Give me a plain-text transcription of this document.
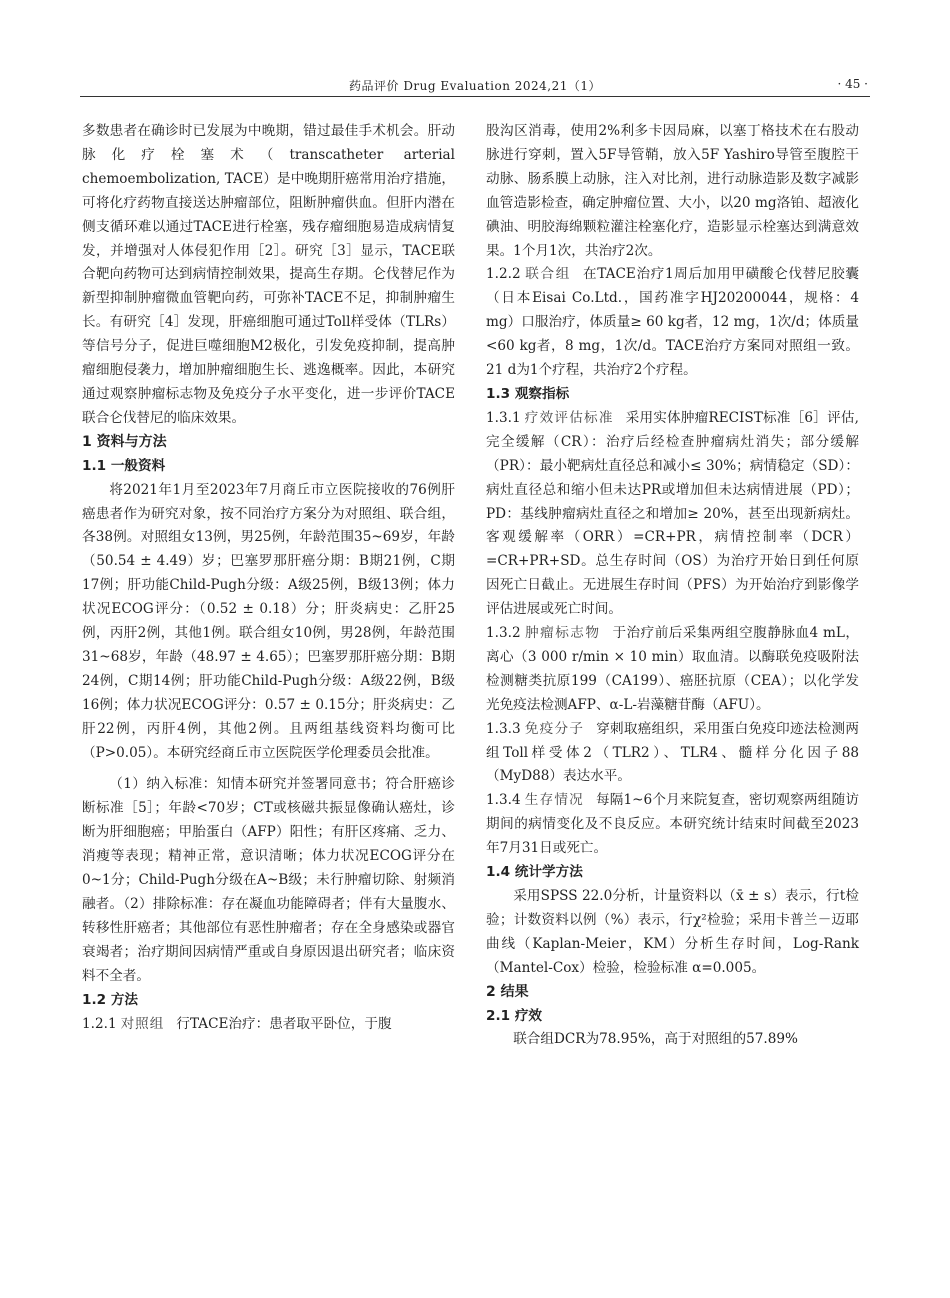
药品评价 Drug Evaluation 2024,21（1）	· 45 ·

多数患者在确诊时已发展为中晚期，错过最佳手术机会。肝动脉化疗栓塞术（transcatheter arterial chemoembolization, TACE）是中晚期肝癌常用治疗措施，可将化疗药物直接送达肿瘤部位，阻断肿瘤供血。但肝内潜在侧支循环难以通过TACE进行栓塞，残存瘤细胞易造成病情复发，并增强对人体侵犯作用［2］。研究［3］显示，TACE联合靶向药物可达到病情控制效果，提高生存期。仑伐替尼作为新型抑制肿瘤微血管靶向药，可弥补TACE不足，抑制肿瘤生长。有研究［4］发现，肝癌细胞可通过Toll样受体（TLRs）等信号分子，促进巨噬细胞M2极化，引发免疫抑制，提高肿瘤细胞侵袭力，增加肿瘤细胞生长、逃逸概率。因此，本研究通过观察肿瘤标志物及免疫分子水平变化，进一步评价TACE联合仑伐替尼的临床效果。

1 资料与方法

1.1 一般资料

将2021年1月至2023年7月商丘市立医院接收的76例肝癌患者作为研究对象，按不同治疗方案分为对照组、联合组，各38例。对照组女13例，男25例，年龄范围35~69岁，年龄（50.54 ± 4.49）岁；巴塞罗那肝癌分期：B期21例，C期17例；肝功能Child-Pugh分级：A级25例，B级13例；体力状况ECOG评分：（0.52 ± 0.18）分；肝炎病史：乙肝25例，丙肝2例，其他1例。联合组女10例，男28例，年龄范围31~68岁，年龄（48.97 ± 4.65）；巴塞罗那肝癌分期：B期24例，C期14例；肝功能Child-Pugh分级：A级22例，B级16例；体力状况ECOG评分：0.57 ± 0.15分；肝炎病史：乙肝22例，丙肝4例，其他2例。且两组基线资料均衡可比（P>0.05）。本研究经商丘市立医院医学伦理委员会批准。

（1）纳入标准：知情本研究并签署同意书；符合肝癌诊断标准［5］；年龄<70岁；CT或核磁共振显像确认癌灶，诊断为肝细胞癌；甲胎蛋白（AFP）阳性；有肝区疼痛、乏力、消瘦等表现；精神正常，意识清晰；体力状况ECOG评分在0~1分；Child-Pugh分级在A~B级；未行肿瘤切除、射频消融者。（2）排除标准：存在凝血功能障碍者；伴有大量腹水、转移性肝癌者；其他部位有恶性肿瘤者；存在全身感染或器官衰竭者；治疗期间因病情严重或自身原因退出研究者；临床资料不全者。

1.2 方法

1.2.1 对照组 行TACE治疗：患者取平卧位，于腹

股沟区消毒，使用2%利多卡因局麻，以塞丁格技术在右股动脉进行穿刺，置入5F导管鞘，放入5F Yashiro导管至腹腔干动脉、肠系膜上动脉，注入对比剂，进行动脉造影及数字减影血管造影检查，确定肿瘤位置、大小，以20 mg洛铂、超液化碘油、明胶海绵颗粒灌注栓塞化疗，造影显示栓塞达到满意效果。1个月1次，共治疗2次。

1.2.2 联合组 在TACE治疗1周后加用甲磺酸仑伐替尼胶囊（日本Eisai Co.Ltd.，国药准字HJ20200044，规格：4 mg）口服治疗，体质量≥ 60 kg者，12 mg，1次/d；体质量<60 kg者，8 mg，1次/d。TACE治疗方案同对照组一致。21 d为1个疗程，共治疗2个疗程。

1.3 观察指标

1.3.1 疗效评估标准 采用实体肿瘤RECIST标准［6］评估,完全缓解（CR）：治疗后经检查肿瘤病灶消失；部分缓解（PR）：最小靶病灶直径总和减小≤ 30%；病情稳定（SD）：病灶直径总和缩小但未达PR或增加但未达病情进展（PD）；PD：基线肿瘤病灶直径之和增加≥ 20%，甚至出现新病灶。客观缓解率（ORR）=CR+PR，病情控制率（DCR）=CR+PR+SD。总生存时间（OS）为治疗开始日到任何原因死亡日截止。无进展生存时间（PFS）为开始治疗到影像学评估进展或死亡时间。

1.3.2 肿瘤标志物 于治疗前后采集两组空腹静脉血4 mL，离心（3 000 r/min × 10 min）取血清。以酶联免疫吸附法检测糖类抗原199（CA199）、癌胚抗原（CEA）；以化学发光免疫法检测AFP、α-L-岩藻糖苷酶（AFU）。

1.3.3 免疫分子 穿刺取癌组织，采用蛋白免疫印迹法检测两组Toll样受体2（TLR2）、TLR4、髓样分化因子88（MyD88）表达水平。

1.3.4 生存情况 每隔1~6个月来院复查，密切观察两组随访期间的病情变化及不良反应。本研究统计结束时间截至2023年7月31日或死亡。

1.4 统计学方法

采用SPSS 22.0分析，计量资料以（x̄ ± s）表示，行t检验；计数资料以例（%）表示，行χ²检验；采用卡普兰－迈耶曲线（Kaplan-Meier，KM）分析生存时间，Log-Rank（Mantel-Cox）检验，检验标准 α=0.005。

2 结果

2.1 疗效

联合组DCR为78.95%，高于对照组的57.89%
